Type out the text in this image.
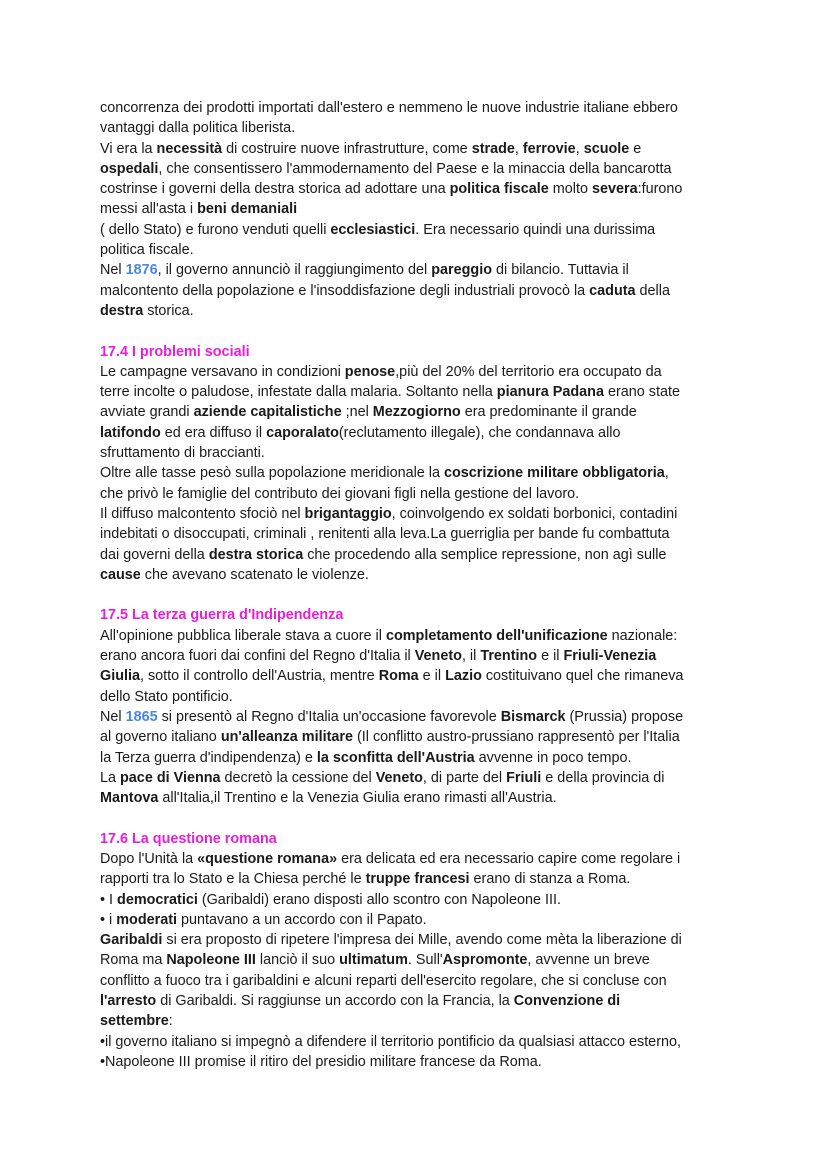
concorrenza dei prodotti importati dall'estero e nemmeno le nuove industrie italiane ebbero
vantaggi dalla politica liberista.
Vi era la necessità di costruire nuove infrastrutture, come strade, ferrovie, scuole e
ospedali, che consentissero l'ammodernamento del Paese e la minaccia della bancarotta
costrinse i governi della destra storica ad adottare una politica fiscale molto severa:furono
messi all'asta i beni demaniali
( dello Stato) e furono venduti quelli ecclesiastici. Era necessario quindi una durissima
politica fiscale.
Nel 1876, il governo annunciò il raggiungimento del pareggio di bilancio. Tuttavia il
malcontento della popolazione e l'insoddisfazione degli industriali provocò la caduta della
destra storica.
17.4 I problemi sociali
Le campagne versavano in condizioni penose,più del 20% del territorio era occupato da
terre incolte o paludose, infestate dalla malaria. Soltanto nella pianura Padana erano state
avviate grandi aziende capitalistiche ;nel Mezzogiorno era predominante il grande
latifondo ed era diffuso il caporalato(reclutamento illegale), che condannava allo
sfruttamento di braccianti.
Oltre alle tasse pesò sulla popolazione meridionale la coscrizione militare obbligatoria,
che privò le famiglie del contributo dei giovani figli nella gestione del lavoro.
Il diffuso malcontento sfociò nel brigantaggio, coinvolgendo ex soldati borbonici, contadini
indebitati o disoccupati, criminali , renitenti alla leva.La guerriglia per bande fu combattuta
dai governi della destra storica che procedendo alla semplice repressione, non agì sulle
cause che avevano scatenato le violenze.
17.5 La terza guerra d'Indipendenza
All'opinione pubblica liberale stava a cuore il completamento dell'unificazione nazionale:
erano ancora fuori dai confini del Regno d'Italia il Veneto, il Trentino e il Friuli-Venezia
Giulia, sotto il controllo dell'Austria, mentre Roma e il Lazio costituivano quel che rimaneva
dello Stato pontificio.
Nel 1865 si presentò al Regno d'Italia un'occasione favorevole Bismarck (Prussia) propose
al governo italiano un'alleanza militare (Il conflitto austro-prussiano rappresentò per l'Italia
la Terza guerra d'indipendenza) e la sconfitta dell'Austria avvenne in poco tempo.
La pace di Vienna decretò la cessione del Veneto, di parte del Friuli e della provincia di
Mantova all'Italia,il Trentino e la Venezia Giulia erano rimasti all'Austria.
17.6 La questione romana
Dopo l'Unità la «questione romana» era delicata ed era necessario capire come regolare i
rapporti tra lo Stato e la Chiesa perché le truppe francesi erano di stanza a Roma.
• I democratici (Garibaldi) erano disposti allo scontro con Napoleone III.
• i moderati puntavano a un accordo con il Papato.
Garibaldi si era proposto di ripetere l'impresa dei Mille, avendo come mèta la liberazione di
Roma ma Napoleone III lanciò il suo ultimatum. Sull'Aspromonte, avvenne un breve
conflitto a fuoco tra i garibaldini e alcuni reparti dell'esercito regolare, che si concluse con
l'arresto di Garibaldi. Si raggiunse un accordo con la Francia, la Convenzione di
settembre:
•il governo italiano si impegnò a difendere il territorio pontificio da qualsiasi attacco esterno,
•Napoleone III promise il ritiro del presidio militare francese da Roma.
